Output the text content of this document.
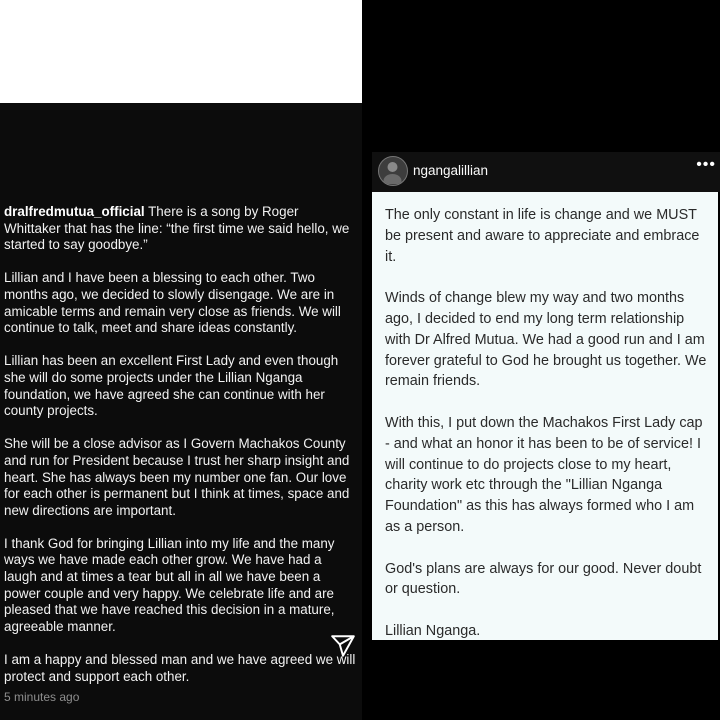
dralfredmutua_official There is a song by Roger Whittaker that has the line: “the first time we said hello, we started to say goodbye.”

Lillian and I have been a blessing to each other. Two months ago, we decided to slowly disengage. We are in amicable terms and remain very close as friends. We will continue to talk, meet and share ideas constantly.

Lillian has been an excellent First Lady and even though she will do some projects under the Lillian Nganga foundation, we have agreed she can continue with her county projects.

She will be a close advisor as I Govern Machakos County and run for President because I trust her sharp insight and heart. She has always been my number one fan. Our love for each other is permanent but I think at times, space and new directions are important.

I thank God for bringing Lillian into my life and the many ways we have made each other grow. We have had a laugh and at times a tear but all in all we have been a power couple and very happy. We celebrate life and are pleased that we have reached this decision in a mature, agreeable manner.

I am a happy and blessed man and we have agreed we will protect and support each other.

5 minutes ago
ngangalillian	•••

The only constant in life is change and we MUST be present and aware to appreciate and embrace it.

Winds of change blew my way and two months ago, I decided to end my long term relationship with Dr Alfred Mutua. We had a good run and I am forever grateful to God he brought us together. We remain friends.

With this, I put down the Machakos First Lady cap - and what an honor it has been to be of service! I will continue to do projects close to my heart, charity work etc through the "Lillian Nganga Foundation" as this has always formed who I am as a person.

God's plans are always for our good. Never doubt or question.

Lillian Nganga.
